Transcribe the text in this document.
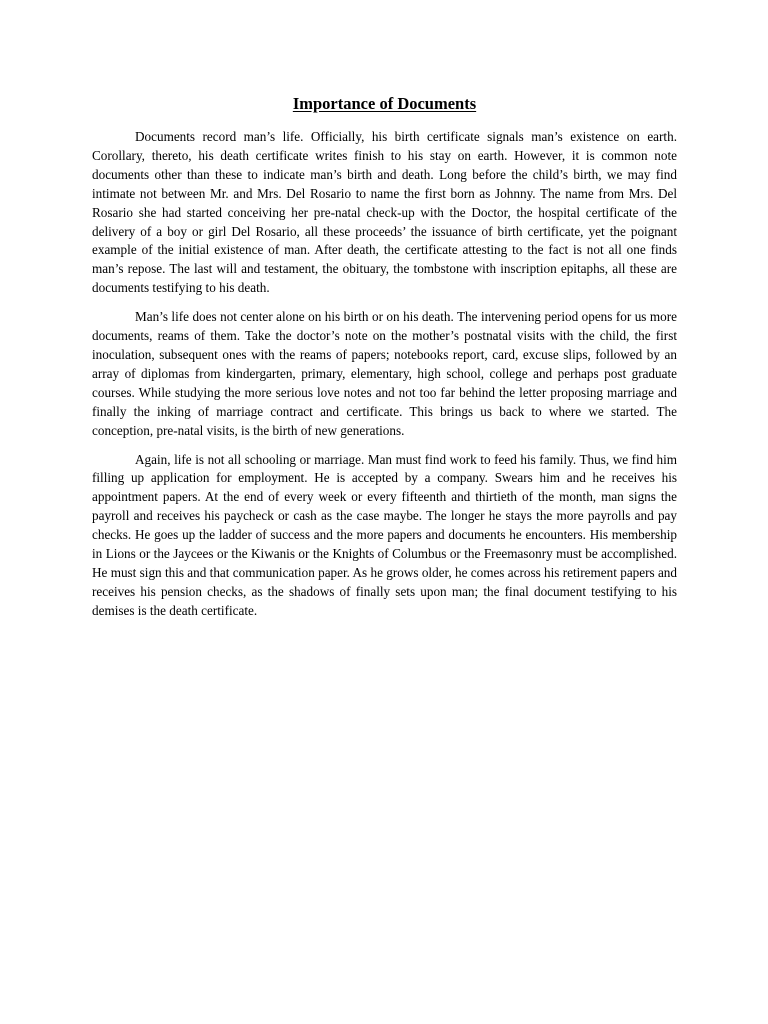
Importance of Documents

Documents record man’s life. Officially, his birth certificate signals man’s existence on earth. Corollary, thereto, his death certificate writes finish to his stay on earth. However, it is common note documents other than these to indicate man’s birth and death. Long before the child’s birth, we may find intimate not between Mr. and Mrs. Del Rosario to name the first born as Johnny. The name from Mrs. Del Rosario she had started conceiving her pre-natal check-up with the Doctor, the hospital certificate of the delivery of a boy or girl Del Rosario, all these proceeds’ the issuance of birth certificate, yet the poignant example of the initial existence of man. After death, the certificate attesting to the fact is not all one finds man’s repose. The last will and testament, the obituary, the tombstone with inscription epitaphs, all these are documents testifying to his death.

Man’s life does not center alone on his birth or on his death. The intervening period opens for us more documents, reams of them. Take the doctor’s note on the mother’s postnatal visits with the child, the first inoculation, subsequent ones with the reams of papers; notebooks report, card, excuse slips, followed by an array of diplomas from kindergarten, primary, elementary, high school, college and perhaps post graduate courses. While studying the more serious love notes and not too far behind the letter proposing marriage and finally the inking of marriage contract and certificate. This brings us back to where we started. The conception, pre-natal visits, is the birth of new generations.

Again, life is not all schooling or marriage. Man must find work to feed his family. Thus, we find him filling up application for employment. He is accepted by a company. Swears him and he receives his appointment papers. At the end of every week or every fifteenth and thirtieth of the month, man signs the payroll and receives his paycheck or cash as the case maybe. The longer he stays the more payrolls and pay checks. He goes up the ladder of success and the more papers and documents he encounters. His membership in Lions or the Jaycees or the Kiwanis or the Knights of Columbus or the Freemasonry must be accomplished. He must sign this and that communication paper. As he grows older, he comes across his retirement papers and receives his pension checks, as the shadows of finally sets upon man; the final document testifying to his demises is the death certificate.
